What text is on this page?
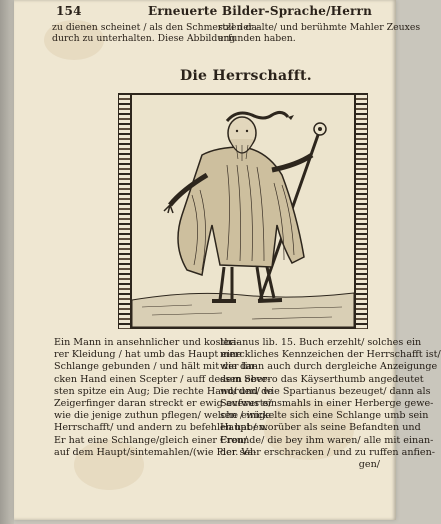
154	Erneuerte Bilder-Sprache/Herrn
zu dienen scheinet / als den Schmertzen da-
durch zu unterhalten. Diese Abbildung
soll der alte/ und berühmte Mahler Zeuxes
erfunden haben.
Die Herrschafft.
Ein Mann in ansehnlicher und kostba-
rer Kleidung / hat umb das Haupt eine
Schlange gebunden / und hält mit der lin-
cken Hand einen Scepter / auff dessen ober-
sten spitze ein Aug; Die rechte Hand/ und de
Zeigerfinger daran streckt er ewig aufwerts/
wie die jenige zuthun pflegen/ welche einige
Herrschafft/ und andern zu befehlen haben.
Er hat eine Schlange/gleich einer Cron/
auf dem Haupt/sintemahlen/(wie Pier. Va-
lerianus lib. 15. Buch erzehlt/ solches ein
merckliches Kennzeichen der Herrschafft ist/
wie dann auch durch dergleiche Anzeigunge
dem Severo das Käyserthumb angedeutet
worden/ wie Spartianus bezeuget/ dann als
Severus einsmahls in einer Herberge gewe-
sen / wickelte sich eine Schlange umb sein
Haupt / worüber als seine Befandten und
Freunde/ die bey ihm waren/ alle mit einan-
der sehr erschracken / und zu ruffen anfien-
gen/
